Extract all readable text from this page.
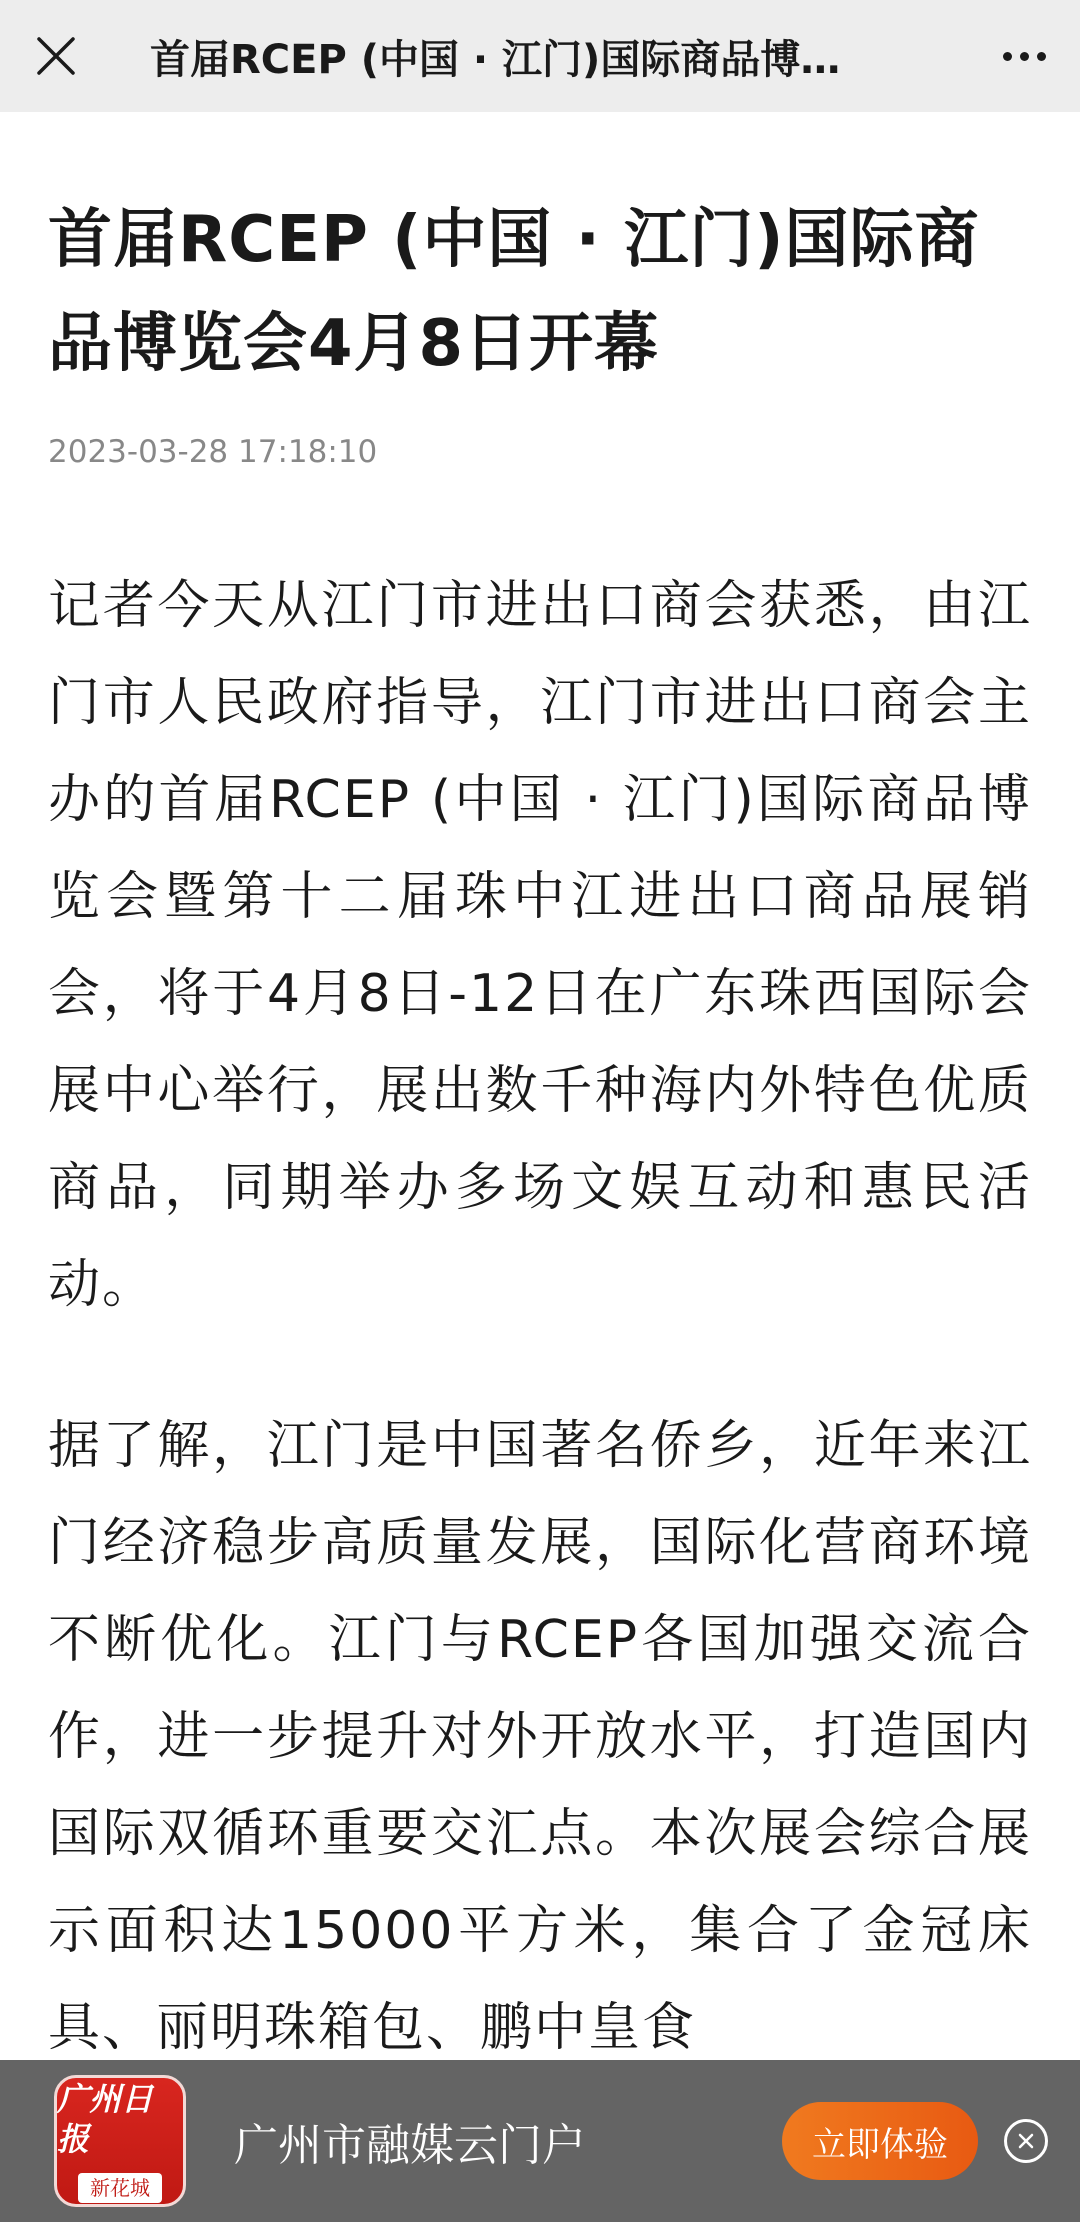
首届RCEP (中国 · 江门)国际商品博…
首届RCEP (中国 · 江门)国际商品博览会4月8日开幕
2023-03-28 17:18:10

记者今天从江门市进出口商会获悉，由江门市人民政府指导，江门市进出口商会主办的首届RCEP (中国 · 江门)国际商品博览会暨第十二届珠中江进出口商品展销会，将于4月8日-12日在广东珠西国际会展中心举行，展出数千种海内外特色优质商品，同期举办多场文娱互动和惠民活动。

据了解，江门是中国著名侨乡，近年来江门经济稳步高质量发展，国际化营商环境不断优化。江门与RCEP各国加强交流合作，进一步提升对外开放水平，打造国内国际双循环重要交汇点。本次展会综合展示面积达15000平方米，集合了金冠床具、丽明珠箱包、鹏中皇食

广州日报
新花城
广州市融媒云门户	立即体验
